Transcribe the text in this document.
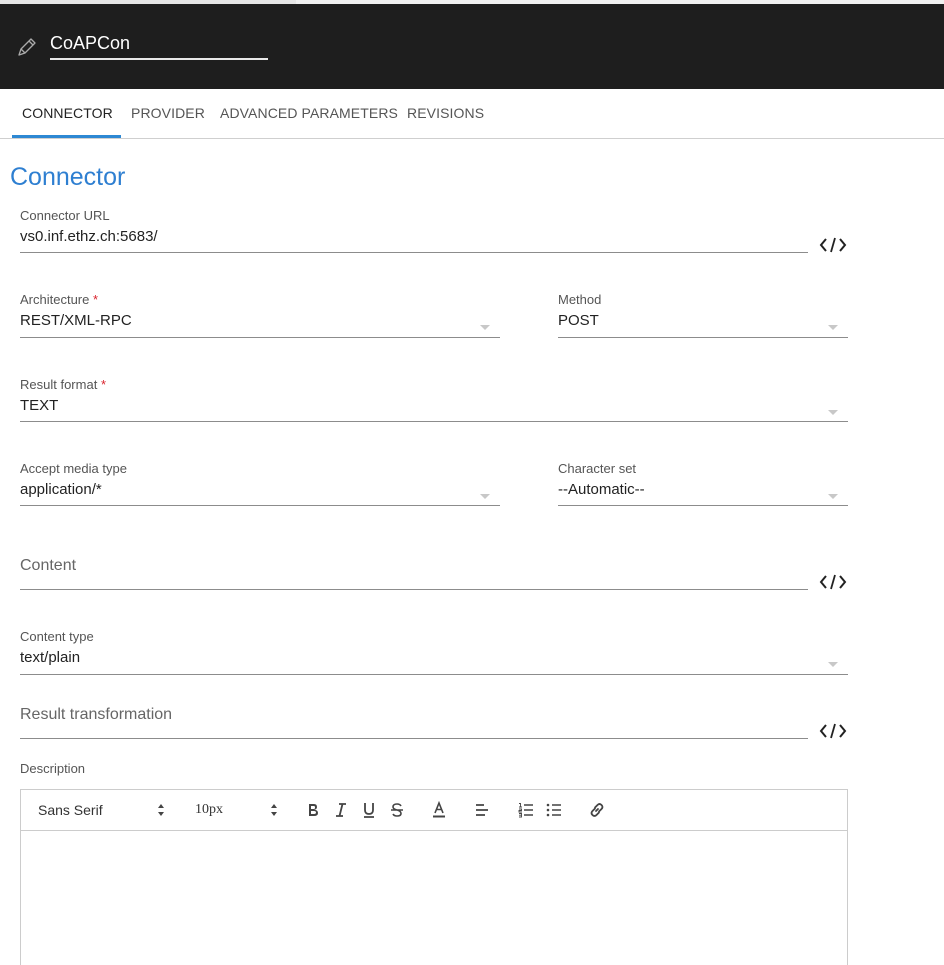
CoAPCon
CONNECTOR PROVIDER ADVANCED PARAMETERS REVISIONS
Connector
Connector URL
vs0.inf.ethz.ch:5683/
Architecture *
REST/XML-RPC
Method
POST
Result format *
TEXT
Accept media type
application/*
Character set
--Automatic--
Content
Content type
text/plain
Result transformation
Description
Sans Serif	10px
